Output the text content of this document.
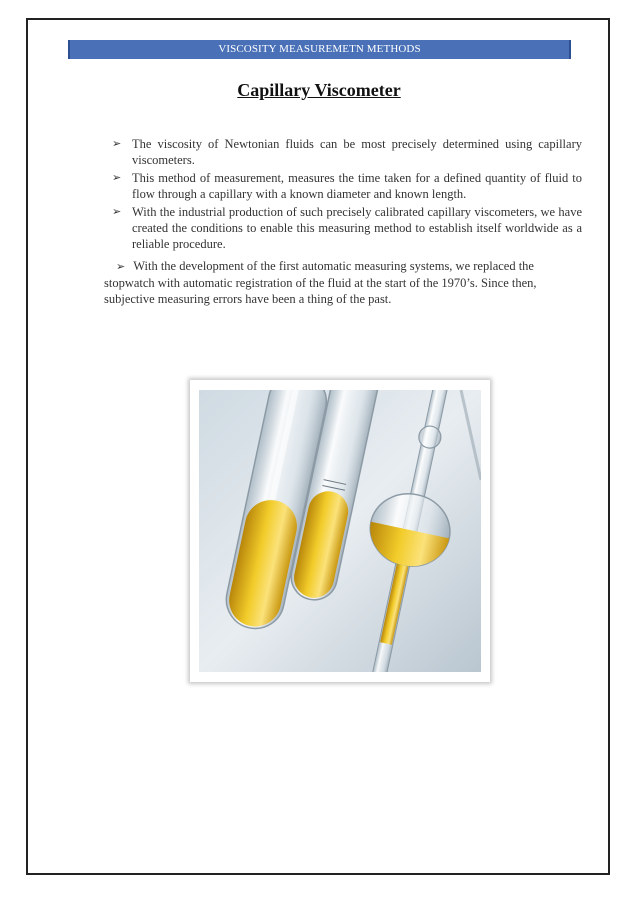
VISCOSITY MEASUREMETN METHODS
Capillary Viscometer
➢ The viscosity of Newtonian fluids can be most precisely determined using capillary viscometers.
➢ This method of measurement, measures the time taken for a defined quantity of fluid to flow through a capillary with a known diameter and known length.
➢ With the industrial production of such precisely calibrated capillary viscometers, we have created the conditions to enable this measuring method to establish itself worldwide as a reliable procedure.
➢ With the development of the first automatic measuring systems, we replaced the
stopwatch with automatic registration of the fluid at the start of the 1970’s. Since then, subjective measuring errors have been a thing of the past.
